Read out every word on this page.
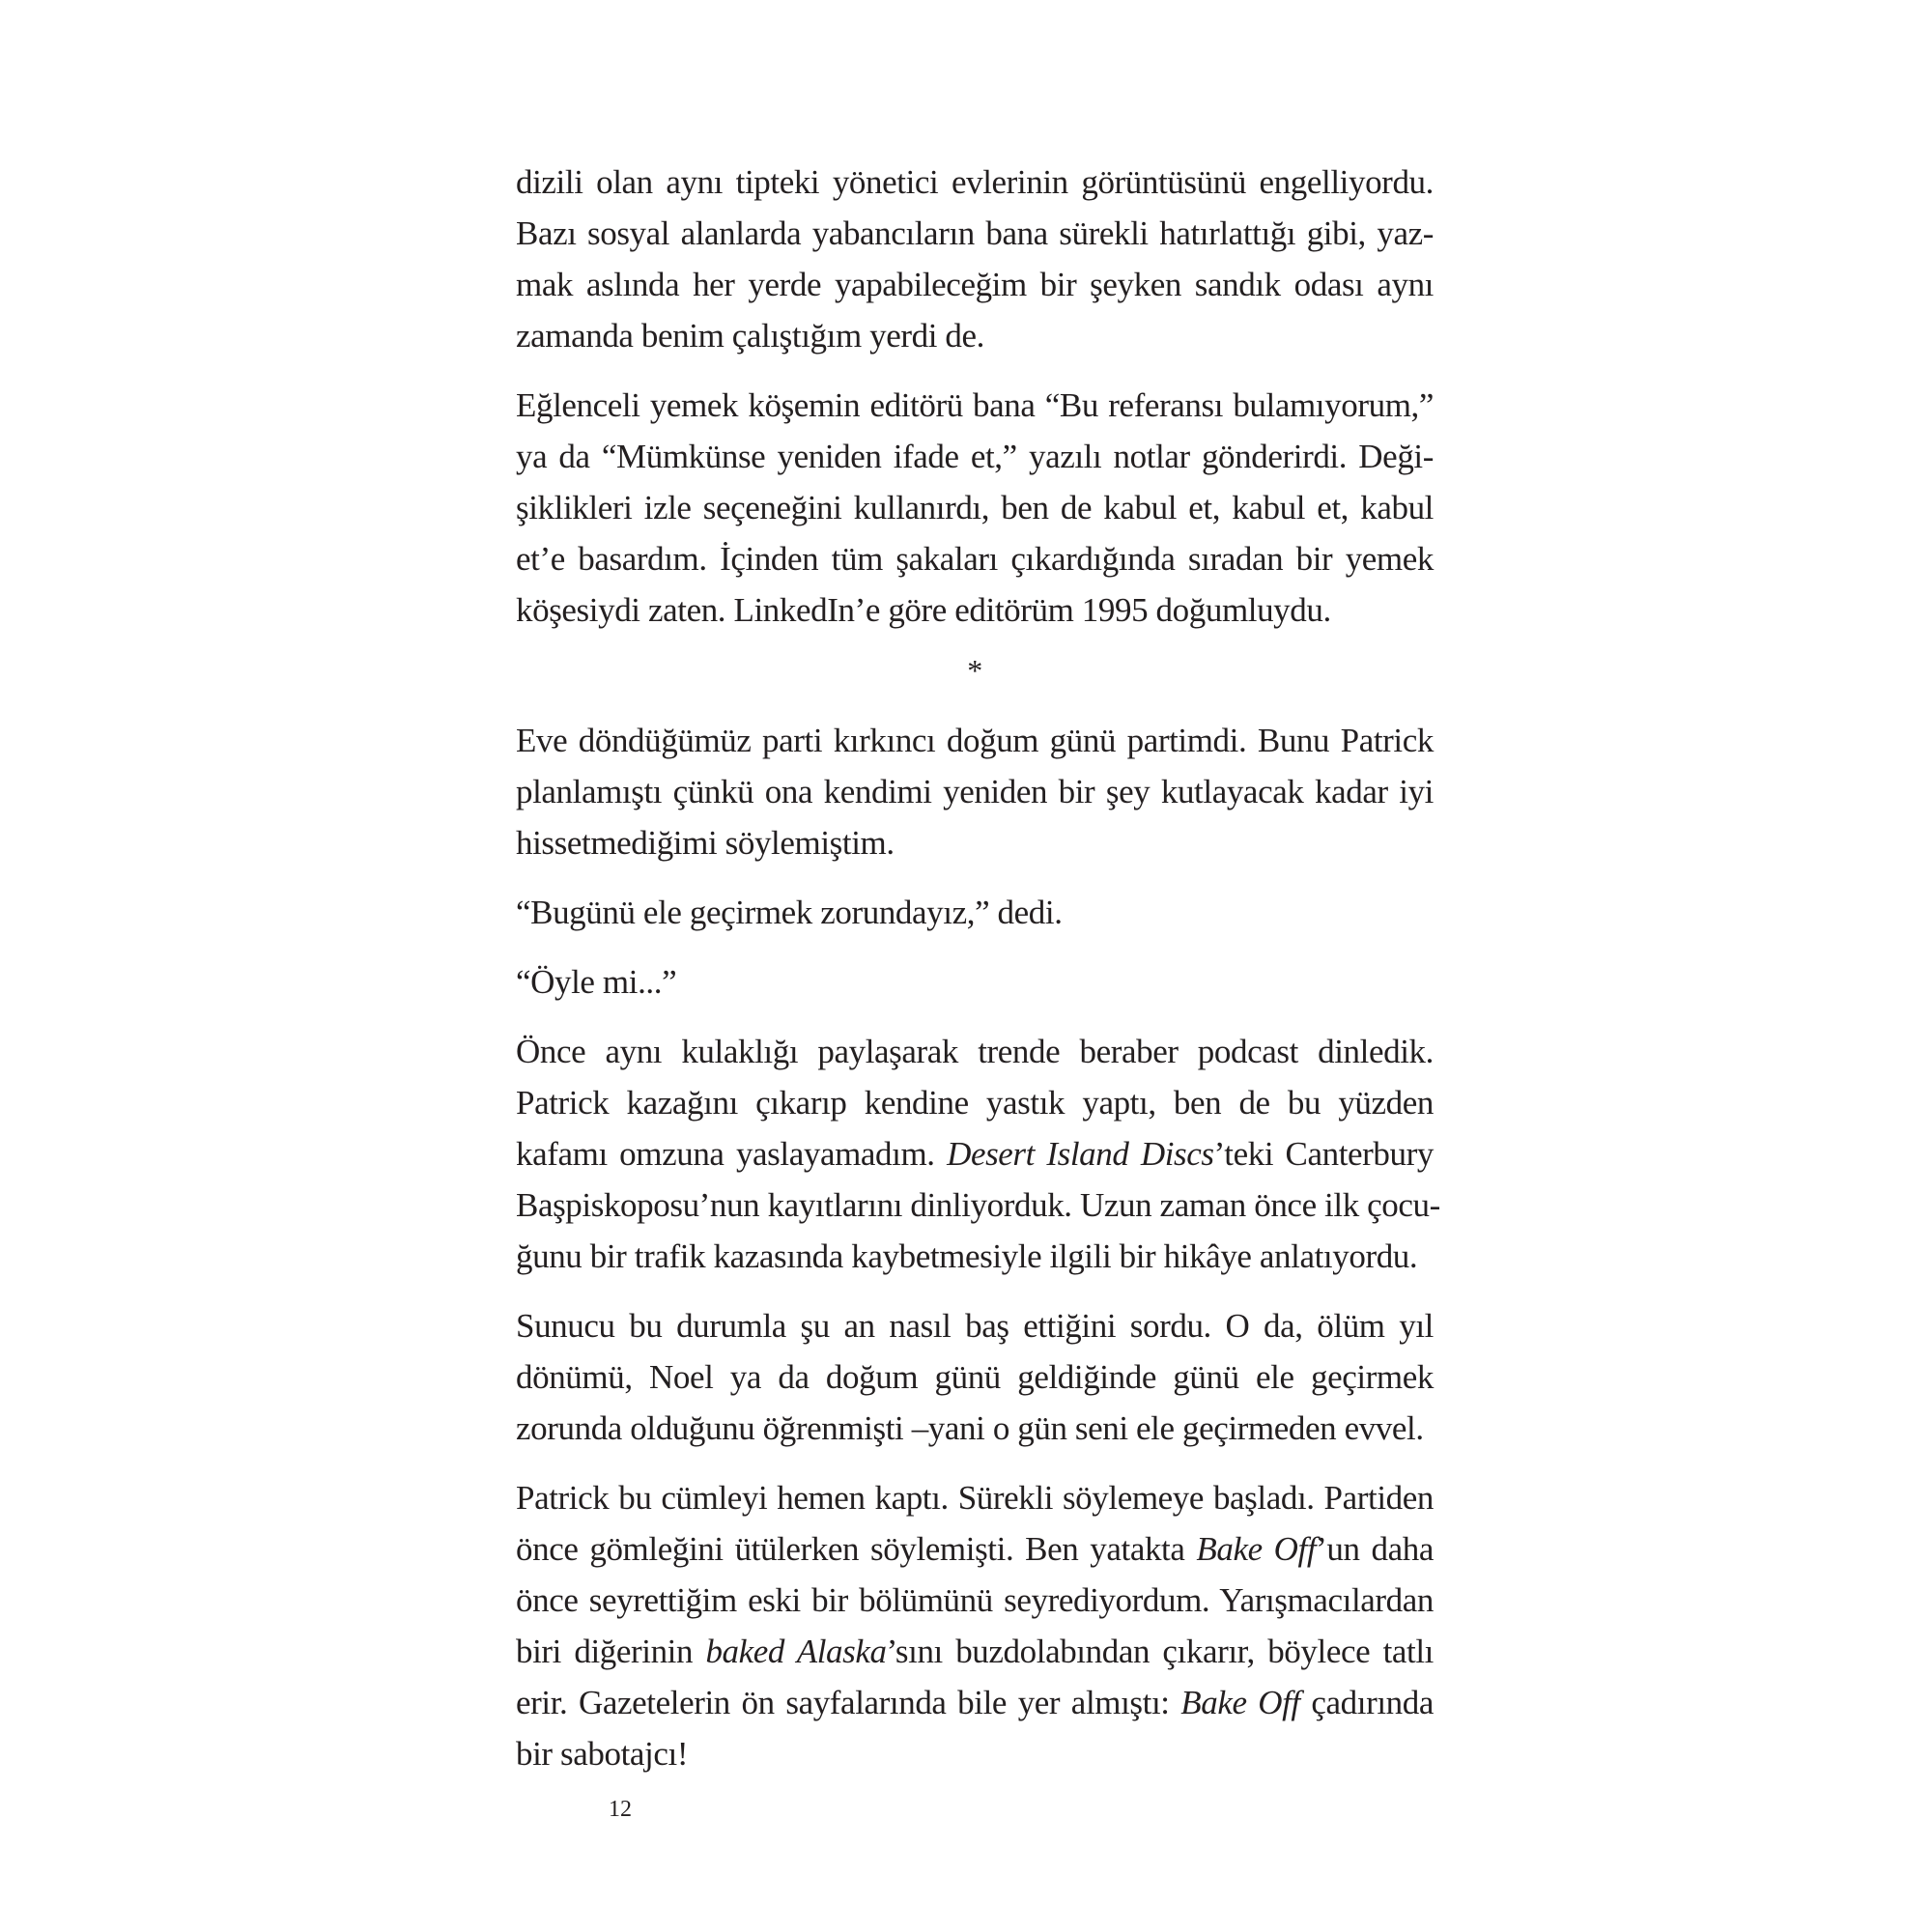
dizili olan aynı tipteki yönetici evlerinin görüntüsünü engelliyordu.
Bazı sosyal alanlarda yabancıların bana sürekli hatırlattığı gibi, yaz-
mak aslında her yerde yapabileceğim bir şeyken sandık odası aynı
zamanda benim çalıştığım yerdi de.

Eğlenceli yemek köşemin editörü bana “Bu referansı bulamıyorum,”
ya da “Mümkünse yeniden ifade et,” yazılı notlar gönderirdi. Deği-
şiklikleri izle seçeneğini kullanırdı, ben de kabul et, kabul et, kabul
et’e basardım. İçinden tüm şakaları çıkardığında sıradan bir yemek
köşesiydi zaten. LinkedIn’e göre editörüm 1995 doğumluydu.

*

Eve döndüğümüz parti kırkıncı doğum günü partimdi. Bunu Patrick
planlamıştı çünkü ona kendimi yeniden bir şey kutlayacak kadar iyi
hissetmediğimi söylemiştim.

“Bugünü ele geçirmek zorundayız,” dedi.

“Öyle mi...”

Önce aynı kulaklığı paylaşarak trende beraber podcast dinledik.
Patrick kazağını çıkarıp kendine yastık yaptı, ben de bu yüzden
kafamı omzuna yaslayamadım. Desert Island Discs’teki Canterbury
Başpiskoposu’nun kayıtlarını dinliyorduk. Uzun zaman önce ilk çocu-
ğunu bir trafik kazasında kaybetmesiyle ilgili bir hikâye anlatıyordu.

Sunucu bu durumla şu an nasıl baş ettiğini sordu. O da, ölüm yıl
dönümü, Noel ya da doğum günü geldiğinde günü ele geçirmek
zorunda olduğunu öğrenmişti –yani o gün seni ele geçirmeden evvel.

Patrick bu cümleyi hemen kaptı. Sürekli söylemeye başladı. Partiden
önce gömleğini ütülerken söylemişti. Ben yatakta Bake Off’un daha
önce seyrettiğim eski bir bölümünü seyrediyordum. Yarışmacılardan
biri diğerinin baked Alaska’sını buzdolabından çıkarır, böylece tatlı
erir. Gazetelerin ön sayfalarında bile yer almıştı: Bake Off çadırında
bir sabotajcı!

12
